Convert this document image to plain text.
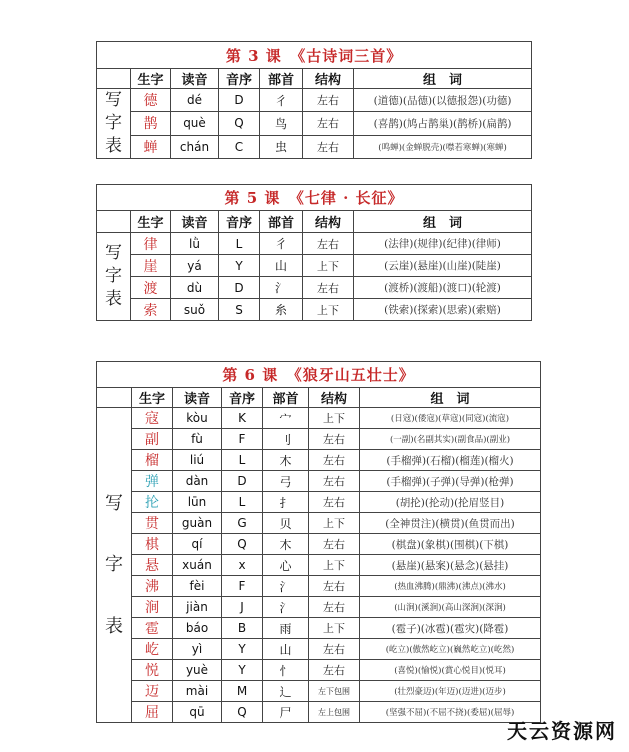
第 3 课　《古诗词三首》						
	生字	读音	音序	部首	结构	组　词

写
字
表	德	dé	D	彳	左右	(道德)(品德)(以德报怨)(功德)
	鹊	què	Q	鸟	左右	(喜鹊)(鸠占鹊巢)(鹊桥)(扁鹊)
	蝉	chán	C	虫	左右	(鸣蝉)(金蝉脱壳)(噤若寒蝉)(寒蝉)
第 5 课　《七律 · 长征》						
	生字	读音	音序	部首	结构	组　词

写
字
表	律	lǜ	L	彳	左右	(法律)(规律)(纪律)(律师)
	崖	yá	Y	山	上下	(云崖)(悬崖)(山崖)(陡崖)
	渡	dù	D	氵	左右	(渡桥)(渡船)(渡口)(轮渡)
	索	suǒ	S	糸	上下	(铁索)(探索)(思索)(索赔)
第 6 课　《狼牙山五壮士》						
	生字	读音	音序	部首	结构	组　词

写
字
表	寇	kòu	K	宀	上下	(日寇)(倭寇)(草寇)(同寇)(流寇)
	副	fù	F	刂	左右	(一副)(名副其实)(副食品)(副业)
	榴	liú	L	木	左右	(手榴弹)(石榴)(榴莲)(榴火)
	弹	dàn	D	弓	左右	(手榴弹)(子弹)(导弹)(枪弹)
	抡	lūn	L	扌	左右	(胡抡)(抡动)(抡眉竖目)
	贯	guàn	G	贝	上下	(全神贯注)(横贯)(鱼贯而出)
	棋	qí	Q	木	左右	(棋盘)(象棋)(围棋)(下棋)
	悬	xuán	x	心	上下	(悬崖)(悬案)(悬念)(悬挂)
	沸	fèi	F	氵	左右	(热血沸腾)(鼎沸)(沸点)(沸水)
	涧	jiàn	J	氵	左右	(山涧)(溪涧)(高山深涧)(深涧)
	雹	báo	B	雨	上下	(雹子)(冰雹)(雹灾)(降雹)
	屹	yì	Y	山	左右	(屹立)(傲然屹立)(巍然屹立)(屹然)
	悦	yuè	Y	忄	左右	(喜悦)(愉悦)(賞心悦目)(悦耳)
	迈	mài	M	辶	左下包围	(壮烈豪迈)(年迈)(迈进)(迈步)
	屈	qū	Q	尸	左上包围	(坚强不屈)(不屈不挠)(委屈)(屈辱)
天云资源网
